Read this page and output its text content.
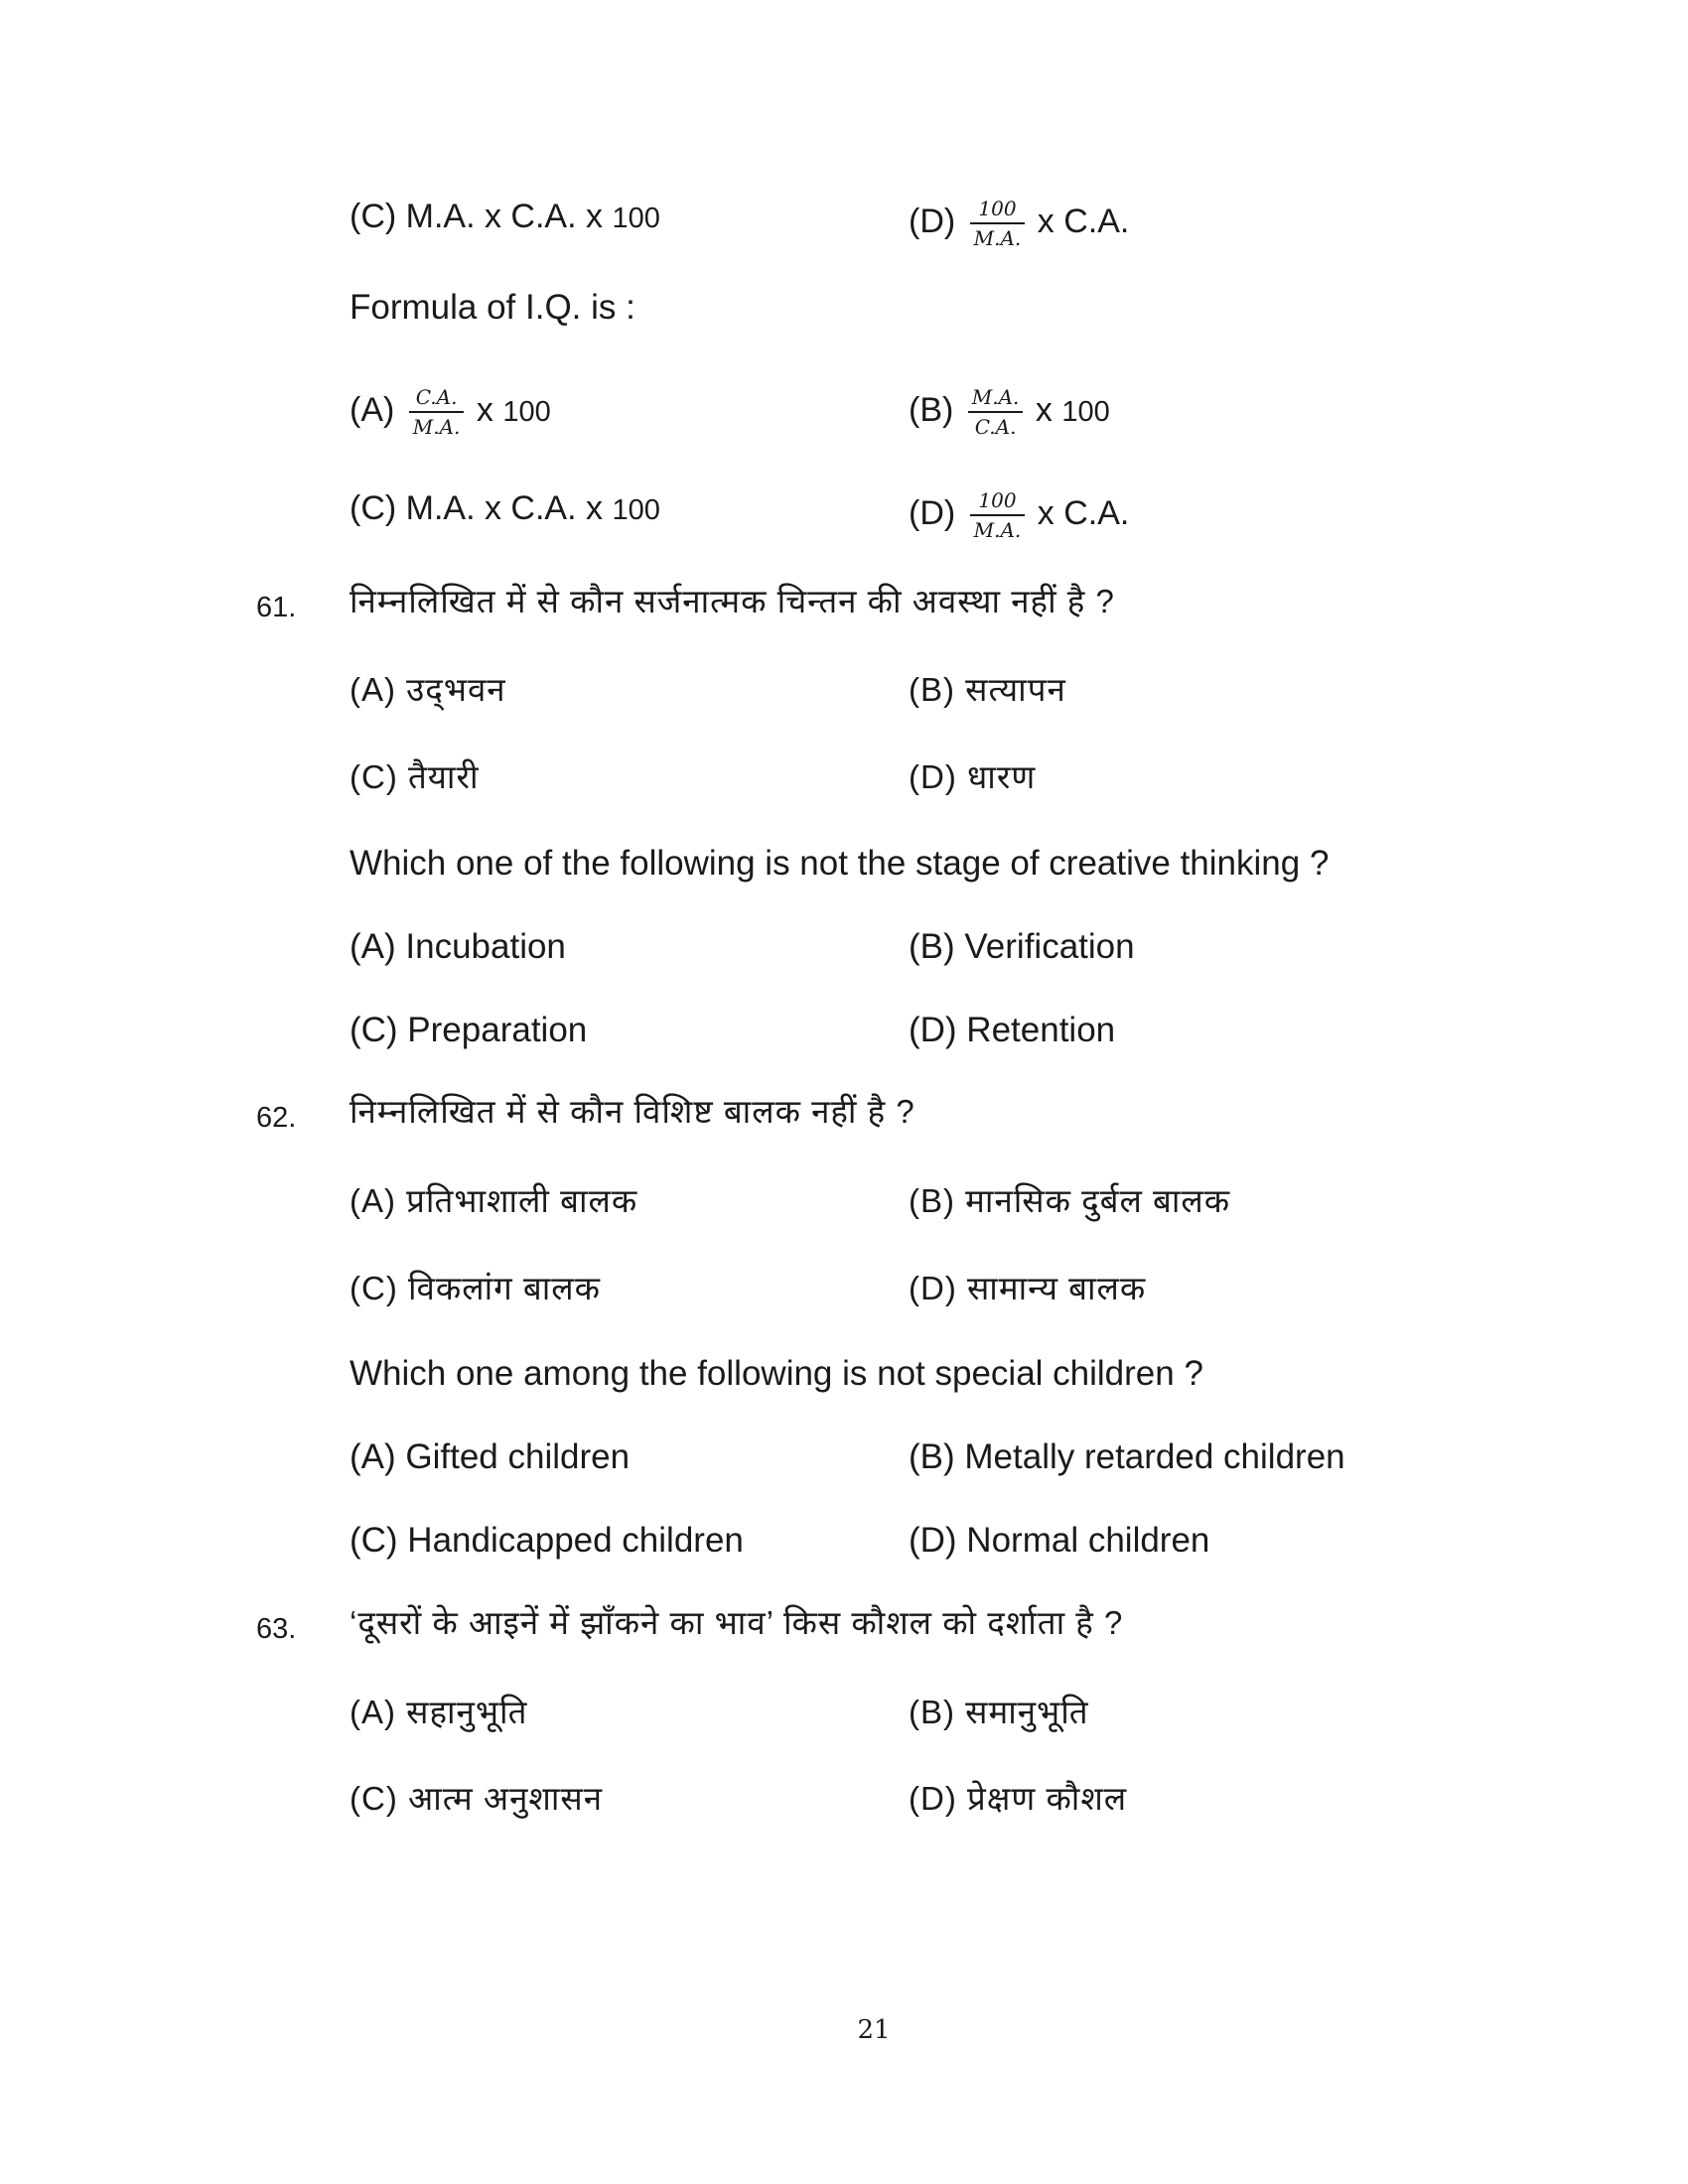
(C) M.A. x C.A. x 100	$(D) \frac{100}{M.A.}$ x C.A.
Formula of I.Q. is :
$(A) \frac{C.A.}{M.A.}$ x 100	$(B) \frac{M.A.}{C.A.}$ x 100
(C) M.A. x C.A. x 100	$(D) \frac{100}{M.A.}$ x C.A.
61. निम्नलिखित में से कौन सर्जनात्मक चिन्तन की अवस्था नहीं है ?
(A) उद्‌भवन	(B) सत्यापन
(C) तैयारी	(D) धारण
Which one of the following is not the stage of creative thinking ?
(A) Incubation	(B) Verification
(C) Preparation	(D) Retention
62. निम्नलिखित में से कौन विशिष्ट बालक नहीं है ?
(A) प्रतिभाशाली बालक	(B) मानसिक दुर्बल बालक
(C) विकलांग बालक	(D) सामान्य बालक
Which one among the following is not special children ?
(A) Gifted children	(B) Metally retarded children
(C) Handicapped children	(D) Normal children
63. ‘दूसरों के आइनें में झाँकने का भाव’ किस कौशल को दर्शाता है ?
(A) सहानुभूति	(B) समानुभूति
(C) आत्म अनुशासन	(D) प्रेक्षण कौशल
21
